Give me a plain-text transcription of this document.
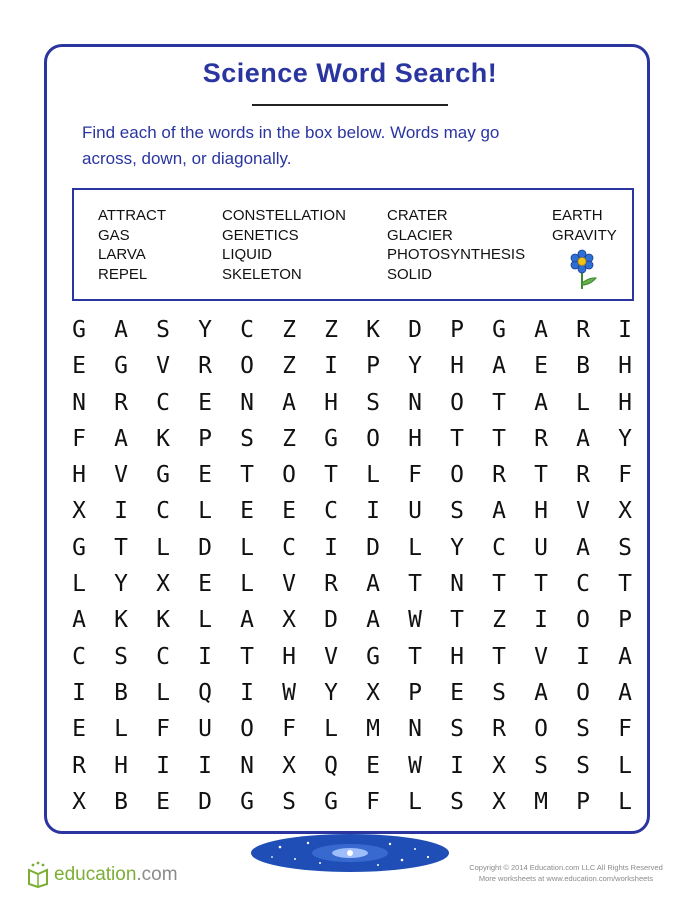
Science Word Search!
Find each of the words in the box below. Words may go
across, down, or diagonally.
ATTRACT
GAS
LARVA
REPEL
CONSTELLATION
GENETICS
LIQUID
SKELETON
CRATER
GLACIER
PHOTOSYNTHESIS
SOLID
EARTH
GRAVITY
G	A	S	Y	C	Z	Z	K	D	P	G	A	R	I
E	G	V	R	O	Z	I	P	Y	H	A	E	B	H
N	R	C	E	N	A	H	S	N	O	T	A	L	H
F	A	K	P	S	Z	G	O	H	T	T	R	A	Y
H	V	G	E	T	O	T	L	F	O	R	T	R	F
X	I	C	L	E	E	C	I	U	S	A	H	V	X
G	T	L	D	L	C	I	D	L	Y	C	U	A	S
L	Y	X	E	L	V	R	A	T	N	T	T	C	T
A	K	K	L	A	X	D	A	W	T	Z	I	O	P
C	S	C	I	T	H	V	G	T	H	T	V	I	A
I	B	L	Q	I	W	Y	X	P	E	S	A	O	A
E	L	F	U	O	F	L	M	N	S	R	O	S	F
R	H	I	I	N	X	Q	E	W	I	X	S	S	L
X	B	E	D	G	S	G	F	L	S	X	M	P	L
education.com	Copyright © 2014 Education.com LLC All Rights Reserved
More worksheets at www.education.com/worksheets
